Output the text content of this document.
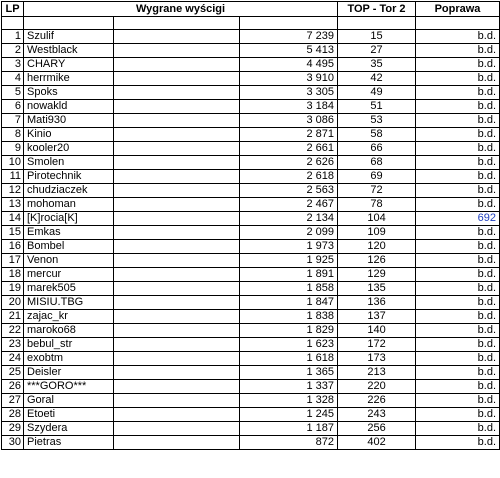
LP	Wygrane wyścigi			TOP - Tor 2	Poprawa

1	Szulif		7 239	15	b.d.
2	Westblack		5 413	27	b.d.
3	CHARY		4 495	35	b.d.
4	herrmike		3 910	42	b.d.
5	Spoks		3 305	49	b.d.
6	nowakld		3 184	51	b.d.
7	Mati930		3 086	53	b.d.
8	Kinio		2 871	58	b.d.
9	kooler20		2 661	66	b.d.
10	Smolen		2 626	68	b.d.
11	Pirotechnik		2 618	69	b.d.
12	chudziaczek		2 563	72	b.d.
13	mohoman		2 467	78	b.d.
14	[K]rocia[K]		2 134	104	692
15	Emkas		2 099	109	b.d.
16	Bombel		1 973	120	b.d.
17	Venon		1 925	126	b.d.
18	mercur		1 891	129	b.d.
19	marek505		1 858	135	b.d.
20	MISIU.TBG		1 847	136	b.d.
21	zajac_kr		1 838	137	b.d.
22	maroko68		1 829	140	b.d.
23	bebul_str		1 623	172	b.d.
24	exobtm		1 618	173	b.d.
25	Deisler		1 365	213	b.d.
26	***GORO***		1 337	220	b.d.
27	Goral		1 328	226	b.d.
28	Etoeti		1 245	243	b.d.
29	Szydera		1 187	256	b.d.
30	Pietras		872	402	b.d.
